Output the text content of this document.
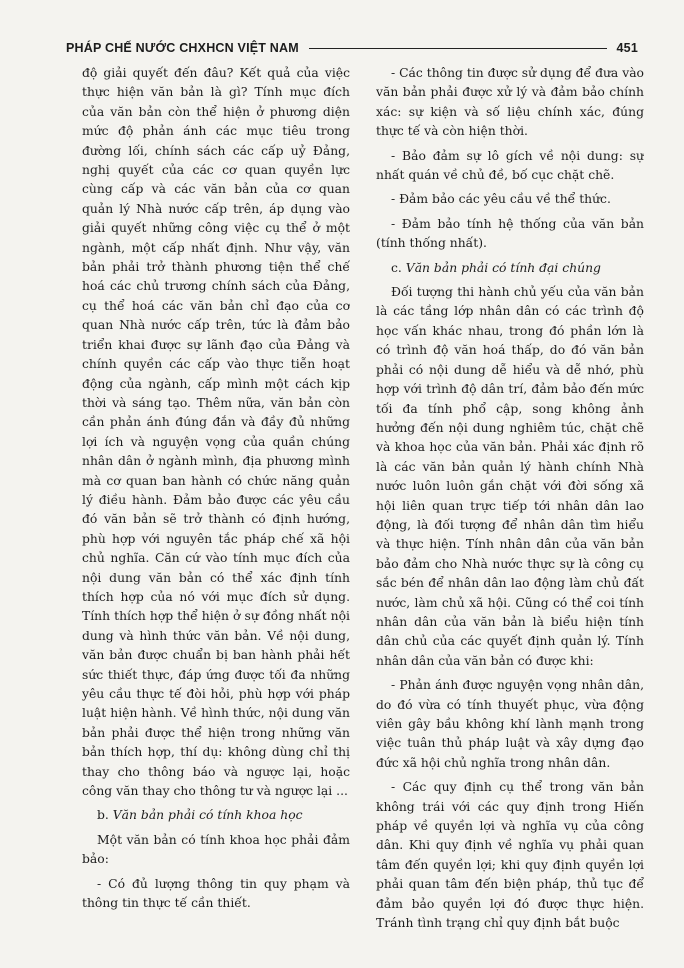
PHÁP CHẾ NƯỚC CHXHCN VIỆT NAM	451

độ giải quyết đến đâu? Kết quả của việc thực hiện văn bản là gì? Tính mục đích của văn bản còn thể hiện ở phương diện mức độ phản ánh các mục tiêu trong đường lối, chính sách các cấp uỷ Đảng, nghị quyết của các cơ quan quyền lực cùng cấp và các văn bản của cơ quan quản lý Nhà nước cấp trên, áp dụng vào giải quyết những công việc cụ thể ở một ngành, một cấp nhất định. Như vậy, văn bản phải trở thành phương tiện thể chế hoá các chủ trương chính sách của Đảng, cụ thể hoá các văn bản chỉ đạo của cơ quan Nhà nước cấp trên, tức là đảm bảo triển khai được sự lãnh đạo của Đảng và chính quyền các cấp vào thực tiễn hoạt động của ngành, cấp mình một cách kịp thời và sáng tạo. Thêm nữa, văn bản còn cần phản ánh đúng đắn và đầy đủ những lợi ích và nguyện vọng của quần chúng nhân dân ở ngành mình, địa phương mình mà cơ quan ban hành có chức năng quản lý điều hành. Đảm bảo được các yêu cầu đó văn bản sẽ trở thành có định hướng, phù hợp với nguyên tắc pháp chế xã hội chủ nghĩa. Căn cứ vào tính mục đích của nội dung văn bản có thể xác định tính thích hợp của nó với mục đích sử dụng. Tính thích hợp thể hiện ở sự đồng nhất nội dung và hình thức văn bản. Về nội dung, văn bản được chuẩn bị ban hành phải hết sức thiết thực, đáp ứng được tối đa những yêu cầu thực tế đòi hỏi, phù hợp với pháp luật hiện hành. Về hình thức, nội dung văn bản phải được thể hiện trong những văn bản thích hợp, thí dụ: không dùng chỉ thị thay cho thông báo và ngược lại, hoặc công văn thay cho thông tư và ngược lại ...

b. Văn bản phải có tính khoa học

Một văn bản có tính khoa học phải đảm bảo:

- Có đủ lượng thông tin quy phạm và thông tin thực tế cần thiết.

- Các thông tin được sử dụng để đưa vào văn bản phải được xử lý và đảm bảo chính xác: sự kiện và số liệu chính xác, đúng thực tế và còn hiện thời.

- Bảo đảm sự lô gích về nội dung: sự nhất quán về chủ đề, bố cục chặt chẽ.

- Đảm bảo các yêu cầu về thể thức.

- Đảm bảo tính hệ thống của văn bản (tính thống nhất).

c. Văn bản phải có tính đại chúng

Đối tượng thi hành chủ yếu của văn bản là các tầng lớp nhân dân có các trình độ học vấn khác nhau, trong đó phần lớn là có trình độ văn hoá thấp, do đó văn bản phải có nội dung dễ hiểu và dễ nhớ, phù hợp với trình độ dân trí, đảm bảo đến mức tối đa tính phổ cập, song không ảnh hưởng đến nội dung nghiêm túc, chặt chẽ và khoa học của văn bản. Phải xác định rõ là các văn bản quản lý hành chính Nhà nước luôn luôn gắn chặt với đời sống xã hội liên quan trực tiếp tới nhân dân lao động, là đối tượng để nhân dân tìm hiểu và thực hiện. Tính nhân dân của văn bản bảo đảm cho Nhà nước thực sự là công cụ sắc bén để nhân dân lao động làm chủ đất nước, làm chủ xã hội. Cũng có thể coi tính nhân dân của văn bản là biểu hiện tính dân chủ của các quyết định quản lý. Tính nhân dân của văn bản có được khi:

- Phản ánh được nguyện vọng nhân dân, do đó vừa có tính thuyết phục, vừa động viên gây bầu không khí lành mạnh trong việc tuân thủ pháp luật và xây dựng đạo đức xã hội chủ nghĩa trong nhân dân.

- Các quy định cụ thể trong văn bản không trái với các quy định trong Hiến pháp về quyền lợi và nghĩa vụ của công dân. Khi quy định về nghĩa vụ phải quan tâm đến quyền lợi; khi quy định quyền lợi phải quan tâm đến biện pháp, thủ tục để đảm bảo quyền lợi đó được thực hiện. Tránh tình trạng chỉ quy định bắt buộc
